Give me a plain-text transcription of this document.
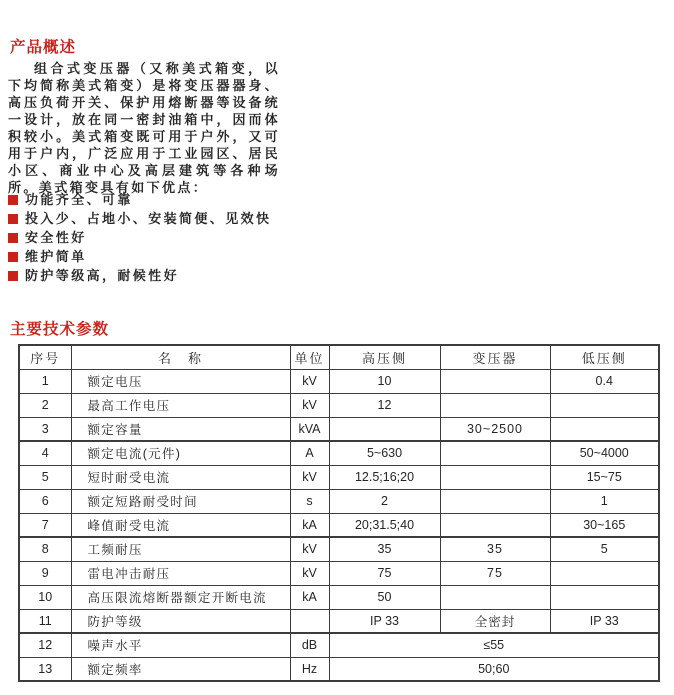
产品概述

组合式变压器（又称美式箱变，以下均简称美式箱变）是将变压器器身、高压负荷开关、保护用熔断器等设备统一设计，放在同一密封油箱中，因而体积较小。美式箱变既可用于户外，又可用于户内，广泛应用于工业园区、居民小区、商业中心及高层建筑等各种场所。美式箱变具有如下优点：

功能齐全、可靠
投入少、占地小、安装简便、见效快
安全性好
维护简单
防护等级高，耐候性好
主要技术参数
序号	名　称	单位	高压侧	变压器	低压侧
1	额定电压	kV	10		0.4
2	最高工作电压	kV	12		
3	额定容量	kVA		30~2500	
4	额定电流(元件)	A	5~630		50~4000
5	短时耐受电流	kV	12.5;16;20		15~75
6	额定短路耐受时间	s	2		1
7	峰值耐受电流	kA	20;31.5;40		30~165
8	工频耐压	kV	35	35	5
9	雷电冲击耐压	kV	75	75	
10	高压限流熔断器额定开断电流	kA	50		
11	防护等级		IP 33	全密封	IP 33
12	噪声水平	dB	≤55		
13	额定频率	Hz	50;60		
